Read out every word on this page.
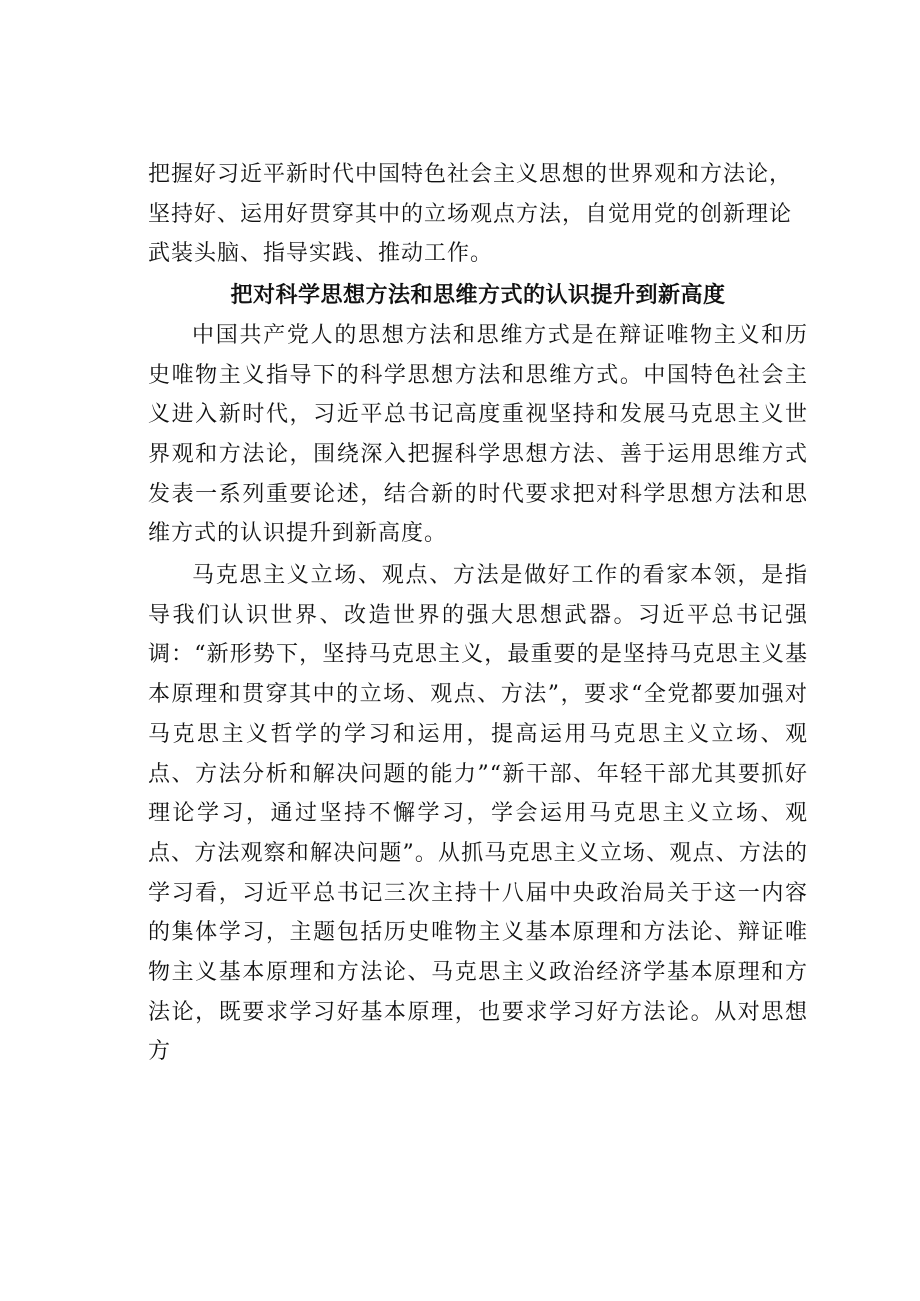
把握好习近平新时代中国特色社会主义思想的世界观和方法论，坚持好、运用好贯穿其中的立场观点方法，自觉用党的创新理论武装头脑、指导实践、推动工作。

把对科学思想方法和思维方式的认识提升到新高度

中国共产党人的思想方法和思维方式是在辩证唯物主义和历史唯物主义指导下的科学思想方法和思维方式。中国特色社会主义进入新时代，习近平总书记高度重视坚持和发展马克思主义世界观和方法论，围绕深入把握科学思想方法、善于运用思维方式发表一系列重要论述，结合新的时代要求把对科学思想方法和思维方式的认识提升到新高度。

马克思主义立场、观点、方法是做好工作的看家本领，是指导我们认识世界、改造世界的强大思想武器。习近平总书记强调：“新形势下，坚持马克思主义，最重要的是坚持马克思主义基本原理和贯穿其中的立场、观点、方法”，要求“全党都要加强对马克思主义哲学的学习和运用，提高运用马克思主义立场、观点、方法分析和解决问题的能力”“新干部、年轻干部尤其要抓好理论学习，通过坚持不懈学习，学会运用马克思主义立场、观点、方法观察和解决问题”。从抓马克思主义立场、观点、方法的学习看，习近平总书记三次主持十八届中央政治局关于这一内容的集体学习，主题包括历史唯物主义基本原理和方法论、辩证唯物主义基本原理和方法论、马克思主义政治经济学基本原理和方法论，既要求学习好基本原理，也要求学习好方法论。从对思想方
